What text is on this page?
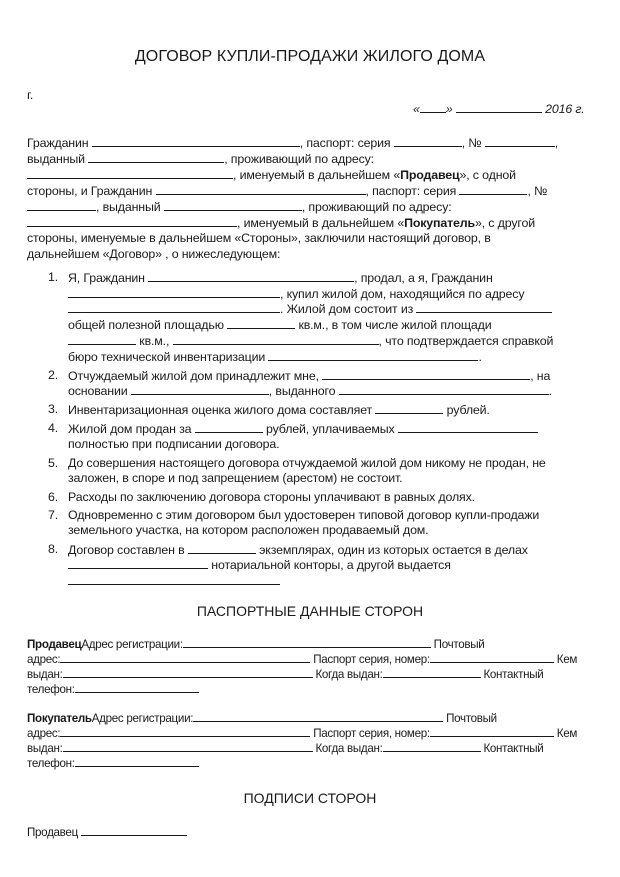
ДОГОВОР КУПЛИ-ПРОДАЖИ ЖИЛОГО ДОМА
г.
« »	2016 г.
Гражданин	, паспорт: серия	, №	,
выданный	, проживающий по адресу:
, именуемый в дальнейшем «Продавец», с одной
стороны, и Гражданин	, паспорт: серия	, №
, выданный	, проживающий по адресу:
, именуемый в дальнейшем «Покупатель», с другой
стороны, именуемые в дальнейшем «Стороны», заключили настоящий договор, в
дальнейшем «Договор» , о нижеследующем:
1. Я, Гражданин	, продал, а я, Гражданин
, купил жилой дом, находящийся по адресу
. Жилой дом состоит из
общей полезной площадью	кв.м., в том числе жилой площади
кв.м.,	, что подтверждается справкой
бюро технической инвентаризации	.
2. Отчуждаемый жилой дом принадлежит мне,	, на
основании	, выданного	.
3. Инвентаризационная оценка жилого дома составляет	рублей.
4. Жилой дом продан за	рублей, уплачиваемых
полностью при подписании договора.
5. До совершения настоящего договора отчуждаемой жилой дом никому не продан, не
заложен, в споре и под запрещением (арестом) не состоит.
6. Расходы по заключению договора стороны уплачивают в равных долях.
7. Одновременно с этим договором был удостоверен типовой договор купли-продажи
земельного участка, на котором расположен продаваемый дом.
8. Договор составлен в	экземплярах, один из которых остается в делах
нотариальной конторы, а другой выдается
ПАСПОРТНЫЕ ДАННЫЕ СТОРОН
ПродавецАдрес регистрации:	Почтовый
адрес:	Паспорт серия, номер:	Кем
выдан:	Когда выдан:	Контактный
телефон:
ПокупательАдрес регистрации:	Почтовый
адрес:	Паспорт серия, номер:	Кем
выдан:	Когда выдан:	Контактный
телефон:
ПОДПИСИ СТОРОН
Продавец
